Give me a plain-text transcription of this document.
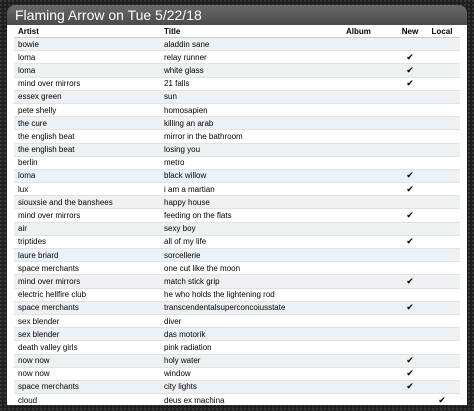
Flaming Arrow on Tue 5/22/18
Artist	Title	Album	New	Local
bowie	aladdin sane			
loma	relay runner		✔	
loma	white glass		✔	
mind over mirrors	21 falls		✔	
essex green	sun			
pete shelly	homosapien			
the cure	killing an arab			
the english beat	mirror in the bathroom			
the english beat	losing you			
berlin	metro			
loma	black willow		✔	
lux	i am a martian		✔	
siouxsie and the banshees	happy house			
mind over mirrors	feeding on the flats		✔	
air	sexy boy			
triptides	all of my life		✔	
laure briard	sorcellerie			
space merchants	one cut like the moon			
mind over mirrors	match stick grip		✔	
electric hellfire club	he who holds the lightening rod			
space merchants	transcendentalsuperconcoiusstate		✔	
sex blender	diver			
sex blender	das motorik			
death valley girls	pink radiation			
now now	holy water		✔	
now now	window		✔	
space merchants	city lights		✔	
cloud	deus ex machina			✔
